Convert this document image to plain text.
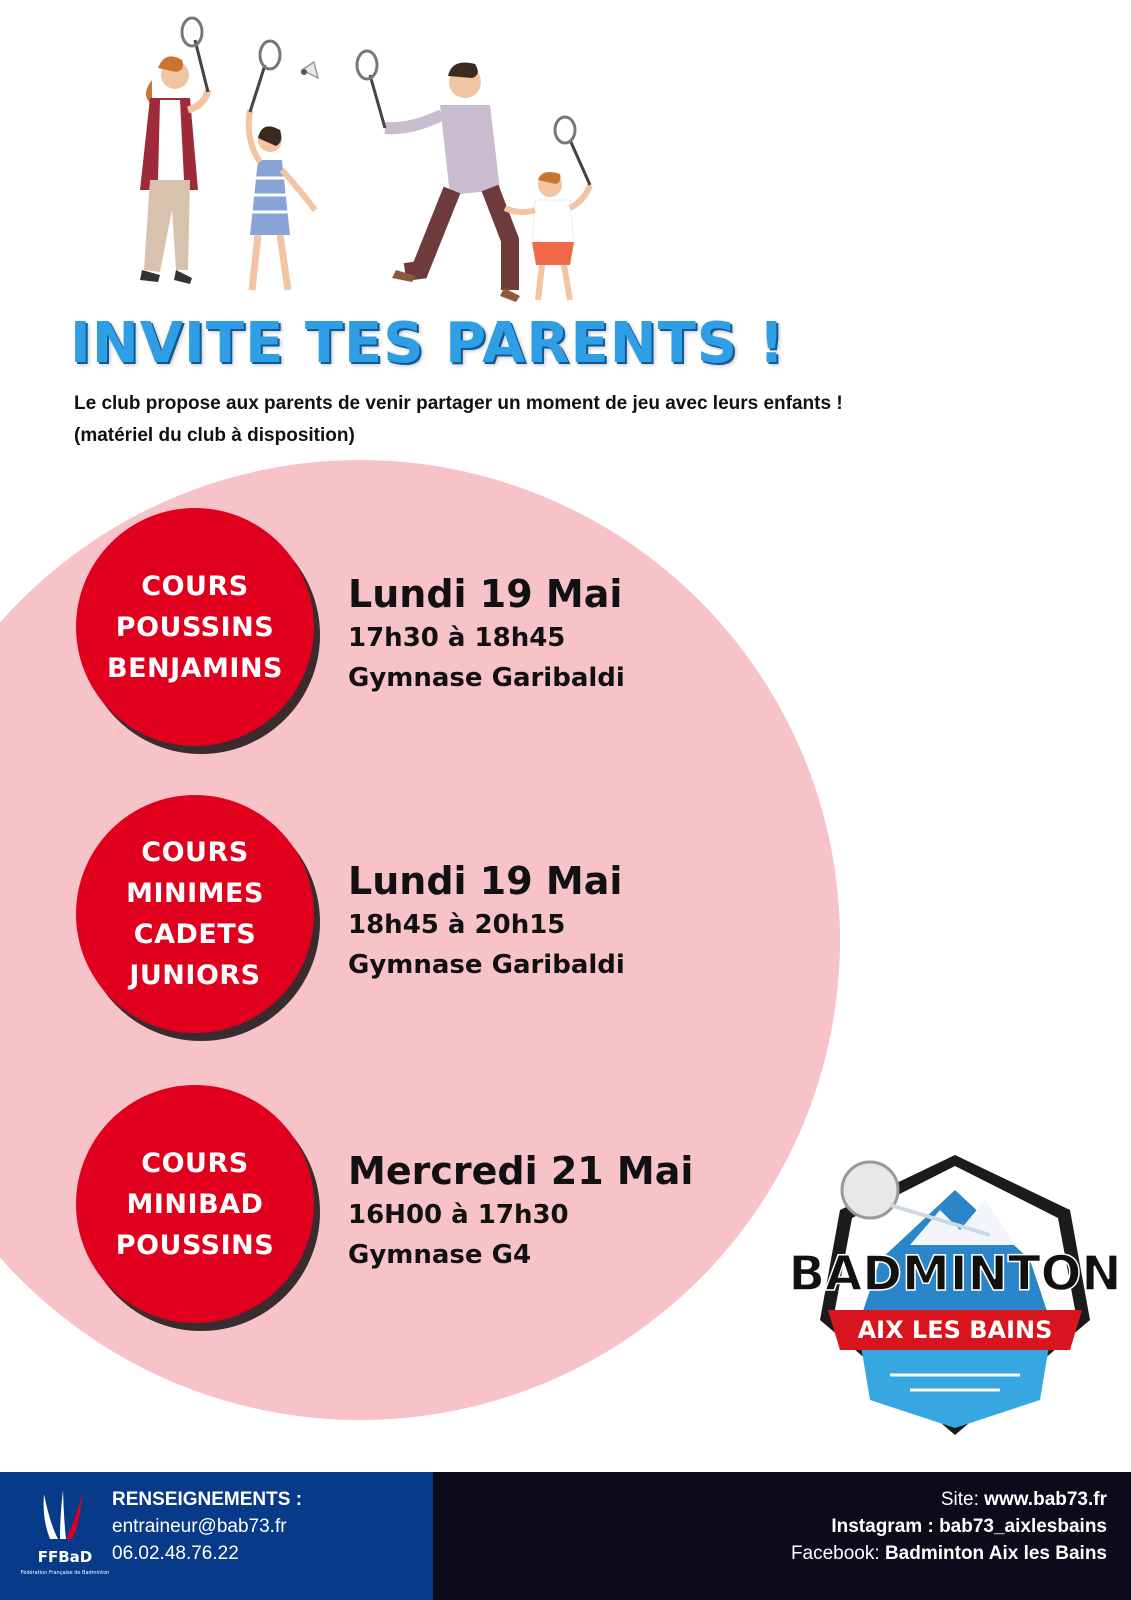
INVITE TES PARENTS !
Le club propose aux parents de venir partager un moment de jeu avec leurs enfants !
(matériel du club à disposition)
COURS
POUSSINS
BENJAMINS
Lundi 19 Mai
17h30 à 18h45
Gymnase Garibaldi
COURS
MINIMES
CADETS
JUNIORS
Lundi 19 Mai
18h45 à 20h15
Gymnase Garibaldi
COURS
MINIBAD
POUSSINS
Mercredi 21 Mai
16H00 à 17h30
Gymnase G4	BADMINTON
AIX LES BAINS
FFBaD
Fédération Française de Badminton
RENSEIGNEMENTS :
entraineur@bab73.fr
06.02.48.76.22
Site: www.bab73.fr
Instagram : bab73_aixlesbains
Facebook: Badminton Aix les Bains
